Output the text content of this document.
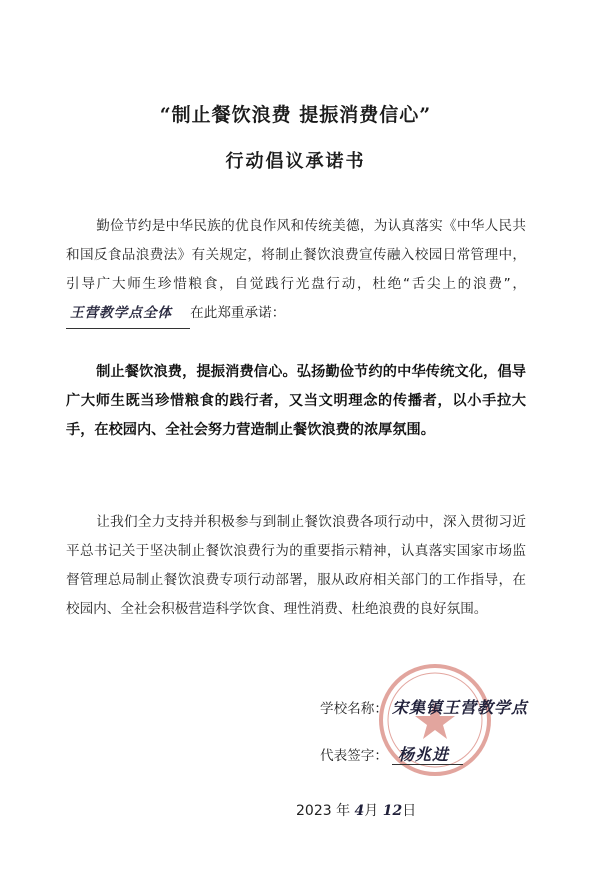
“制止餐饮浪费 提振消费信心”
行动倡议承诺书
勤俭节约是中华民族的优良作风和传统美德，为认真落实《中华人民共和国反食品浪费法》有关规定，将制止餐饮浪费宣传融入校园日常管理中，引导广大师生珍惜粮食，自觉践行光盘行动，杜绝“舌尖上的浪费”，王营教学点全体 在此郑重承诺：
制止餐饮浪费，提振消费信心。弘扬勤俭节约的中华传统文化，倡导广大师生既当珍惜粮食的践行者，又当文明理念的传播者，以小手拉大手，在校园内、全社会努力营造制止餐饮浪费的浓厚氛围。
让我们全力支持并积极参与到制止餐饮浪费各项行动中，深入贯彻习近平总书记关于坚决制止餐饮浪费行为的重要指示精神，认真落实国家市场监督管理总局制止餐饮浪费专项行动部署，服从政府相关部门的工作指导，在校园内、全社会积极营造科学饮食、理性消费、杜绝浪费的良好氛围。
学校名称： 宋集镇王营教学点
代表签字： 杨兆进
2023 年 4月 12日
